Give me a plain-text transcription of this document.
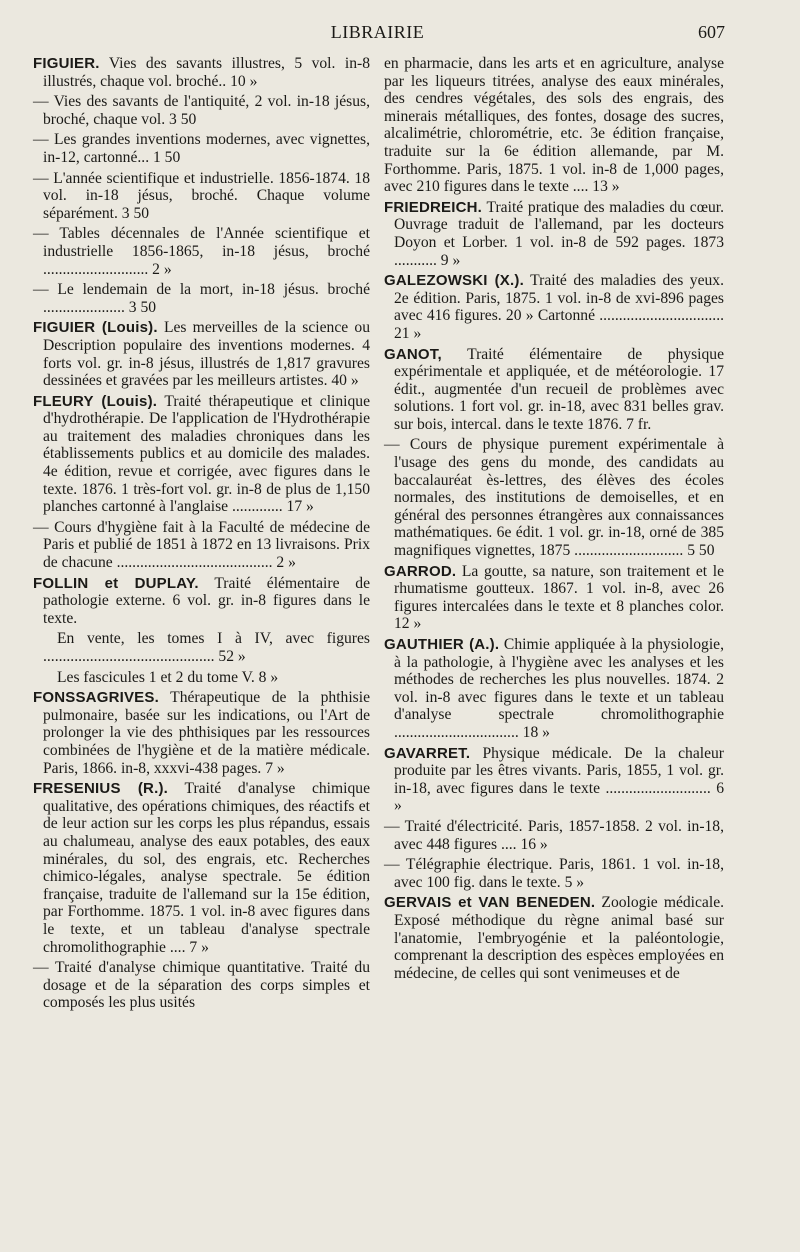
LIBRAIRIE	607

FIGUIER. Vies des savants illustres, 5 vol. in-8 illustrés, chaque vol. broché.. 10 »

— Vies des savants de l'antiquité, 2 vol. in-18 jésus, broché, chaque vol. 3 50

— Les grandes inventions modernes, avec vignettes, in-12, cartonné... 1 50

— L'année scientifique et industrielle. 1856-1874. 18 vol. in-18 jésus, broché. Chaque volume séparément. 3 50

— Tables décennales de l'Année scientifique et industrielle 1856-1865, in-18 jésus, broché ........................... 2 »

— Le lendemain de la mort, in-18 jésus. broché ..................... 3 50

FIGUIER (Louis). Les merveilles de la science ou Description populaire des inventions modernes. 4 forts vol. gr. in-8 jésus, illustrés de 1,817 gravures dessinées et gravées par les meilleurs artistes. 40 »

FLEURY (Louis). Traité thérapeutique et clinique d'hydrothérapie. De l'application de l'Hydrothérapie au traitement des maladies chroniques dans les établissements publics et au domicile des malades. 4e édition, revue et corrigée, avec figures dans le texte. 1876. 1 très-fort vol. gr. in-8 de plus de 1,150 planches cartonné à l'anglaise ............. 17 »

— Cours d'hygiène fait à la Faculté de médecine de Paris et publié de 1851 à 1872 en 13 livraisons. Prix de chacune ........................................ 2 »

FOLLIN et DUPLAY. Traité élémentaire de pathologie externe. 6 vol. gr. in-8 figures dans le texte.

En vente, les tomes I à IV, avec figures ............................................ 52 »

Les fascicules 1 et 2 du tome V. 8 »

FONSSAGRIVES. Thérapeutique de la phthisie pulmonaire, basée sur les indications, ou l'Art de prolonger la vie des phthisiques par les ressources combinées de l'hygiène et de la matière médicale. Paris, 1866. in-8, xxxvi-438 pages. 7 »

FRESENIUS (R.). Traité d'analyse chimique qualitative, des opérations chimiques, des réactifs et de leur action sur les corps les plus répandus, essais au chalumeau, analyse des eaux potables, des eaux minérales, du sol, des engrais, etc. Recherches chimico-légales, analyse spectrale. 5e édition française, traduite de l'allemand sur la 15e édition, par Forthomme. 1875. 1 vol. in-8 avec figures dans le texte, et un tableau d'analyse spectrale chromolithographie .... 7 »

— Traité d'analyse chimique quantitative. Traité du dosage et de la séparation des corps simples et composés les plus usités

en pharmacie, dans les arts et en agriculture, analyse par les liqueurs titrées, analyse des eaux minérales, des cendres végétales, des sols des engrais, des minerais métalliques, des fontes, dosage des sucres, alcalimétrie, chlorométrie, etc. 3e édition française, traduite sur la 6e édition allemande, par M. Forthomme. Paris, 1875. 1 vol. in-8 de 1,000 pages, avec 210 figures dans le texte .... 13 »

FRIEDREICH. Traité pratique des maladies du cœur. Ouvrage traduit de l'allemand, par les docteurs Doyon et Lorber. 1 vol. in-8 de 592 pages. 1873 ........... 9 »

GALEZOWSKI (X.). Traité des maladies des yeux. 2e édition. Paris, 1875. 1 vol. in-8 de xvi-896 pages avec 416 figures. 20 » Cartonné ................................ 21 »

GANOT, Traité élémentaire de physique expérimentale et appliquée, et de météorologie. 17 édit., augmentée d'un recueil de problèmes avec solutions. 1 fort vol. gr. in-18, avec 831 belles grav. sur bois, intercal. dans le texte 1876. 7 fr.

— Cours de physique purement expérimentale à l'usage des gens du monde, des candidats au baccalauréat ès-lettres, des élèves des écoles normales, des institutions de demoiselles, et en général des personnes étrangères aux connaissances mathématiques. 6e édit. 1 vol. gr. in-18, orné de 385 magnifiques vignettes, 1875 ............................ 5 50

GARROD. La goutte, sa nature, son traitement et le rhumatisme goutteux. 1867. 1 vol. in-8, avec 26 figures intercalées dans le texte et 8 planches color. 12 »

GAUTHIER (A.). Chimie appliquée à la physiologie, à la pathologie, à l'hygiène avec les analyses et les méthodes de recherches les plus nouvelles. 1874. 2 vol. in-8 avec figures dans le texte et un tableau d'analyse spectrale chromolithographie ................................ 18 »

GAVARRET. Physique médicale. De la chaleur produite par les êtres vivants. Paris, 1855, 1 vol. gr. in-18, avec figures dans le texte ........................... 6 »

— Traité d'électricité. Paris, 1857-1858. 2 vol. in-18, avec 448 figures .... 16 »

— Télégraphie électrique. Paris, 1861. 1 vol. in-18, avec 100 fig. dans le texte. 5 »

GERVAIS et VAN BENEDEN. Zoologie médicale. Exposé méthodique du règne animal basé sur l'anatomie, l'embryogénie et la paléontologie, comprenant la description des espèces employées en médecine, de celles qui sont venimeuses et de
